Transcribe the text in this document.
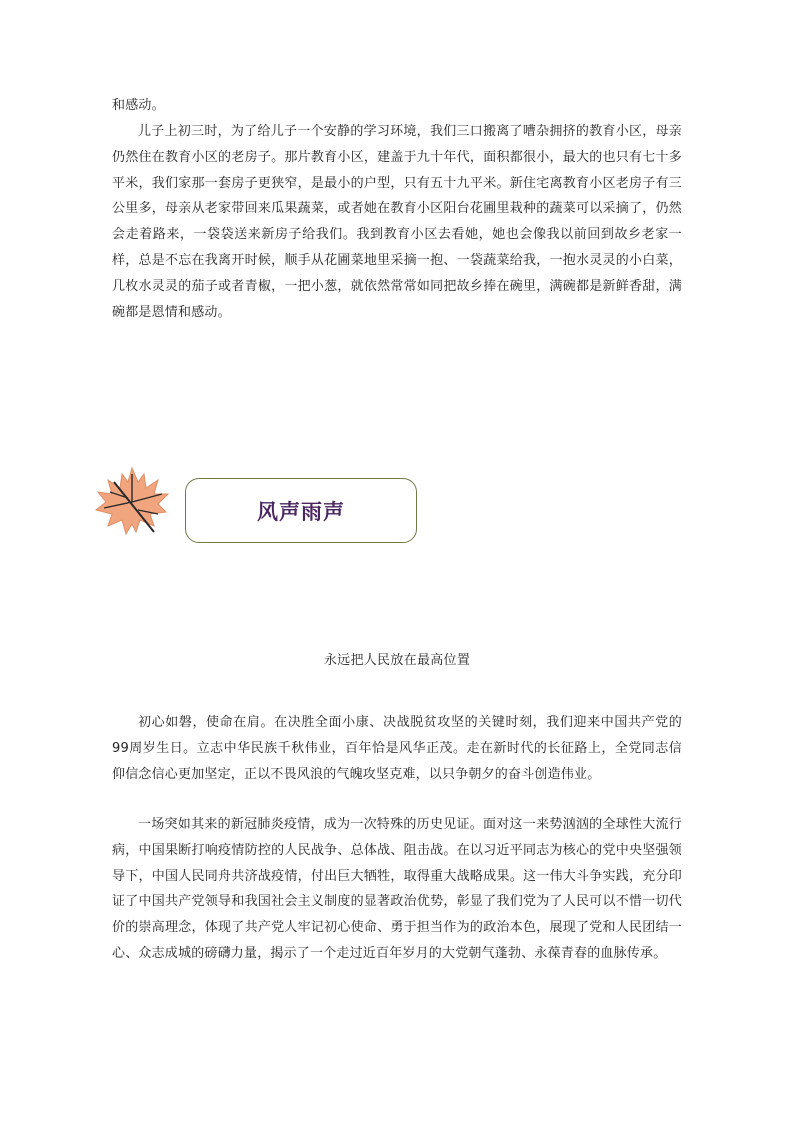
和感动。

儿子上初三时，为了给儿子一个安静的学习环境，我们三口搬离了嘈杂拥挤的教育小区，母亲仍然住在教育小区的老房子。那片教育小区，建盖于九十年代，面积都很小，最大的也只有七十多平米，我们家那一套房子更狭窄，是最小的户型，只有五十九平米。新住宅离教育小区老房子有三公里多，母亲从老家带回来瓜果蔬菜，或者她在教育小区阳台花圃里栽种的蔬菜可以采摘了，仍然会走着路来，一袋袋送来新房子给我们。我到教育小区去看她，她也会像我以前回到故乡老家一样，总是不忘在我离开时候，顺手从花圃菜地里采摘一抱、一袋蔬菜给我，一抱水灵灵的小白菜，几枚水灵灵的茄子或者青椒，一把小葱，就依然常常如同把故乡捧在碗里，满碗都是新鲜香甜，满碗都是恩情和感动。

风声雨声
永远把人民放在最高位置

初心如磐，使命在肩。在决胜全面小康、决战脱贫攻坚的关键时刻，我们迎来中国共产党的99周岁生日。立志中华民族千秋伟业，百年恰是风华正茂。走在新时代的长征路上，全党同志信仰信念信心更加坚定，正以不畏风浪的气魄攻坚克难，以只争朝夕的奋斗创造伟业。

一场突如其来的新冠肺炎疫情，成为一次特殊的历史见证。面对这一来势汹汹的全球性大流行病，中国果断打响疫情防控的人民战争、总体战、阻击战。在以习近平同志为核心的党中央坚强领导下，中国人民同舟共济战疫情，付出巨大牺牲，取得重大战略成果。这一伟大斗争实践，充分印证了中国共产党领导和我国社会主义制度的显著政治优势，彰显了我们党为了人民可以不惜一切代价的崇高理念，体现了共产党人牢记初心使命、勇于担当作为的政治本色，展现了党和人民团结一心、众志成城的磅礴力量，揭示了一个走过近百年岁月的大党朝气蓬勃、永葆青春的血脉传承。
